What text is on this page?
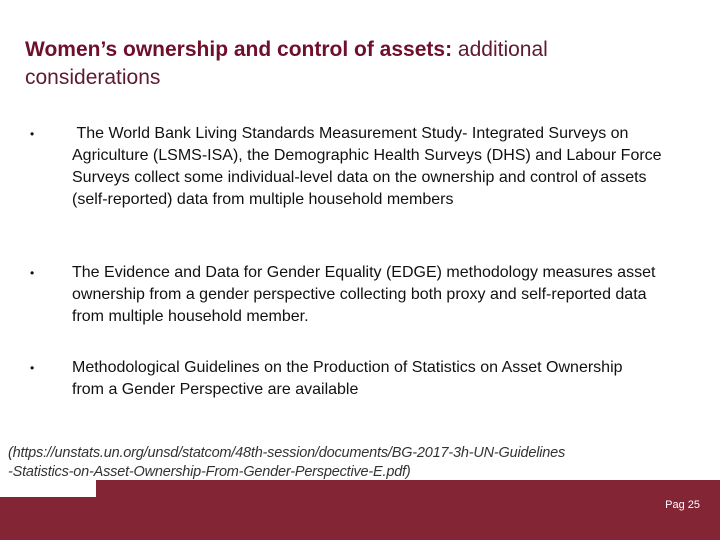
Women’s ownership and control of assets: additional considerations
• The World Bank Living Standards Measurement Study- Integrated Surveys on Agriculture (LSMS-ISA), the Demographic Health Surveys (DHS) and Labour Force Surveys collect some individual-level data on the ownership and control of assets (self-reported) data from multiple household members
• The Evidence and Data for Gender Equality (EDGE) methodology measures asset ownership from a gender perspective collecting both proxy and self-reported data from multiple household member.
• Methodological Guidelines on the Production of Statistics on Asset Ownership from a Gender Perspective are available
(https://unstats.un.org/unsd/statcom/48th-session/documents/BG-2017-3h-UN-Guidelines
-Statistics-on-Asset-Ownership-From-Gender-Perspective-E.pdf)
Pag 25
